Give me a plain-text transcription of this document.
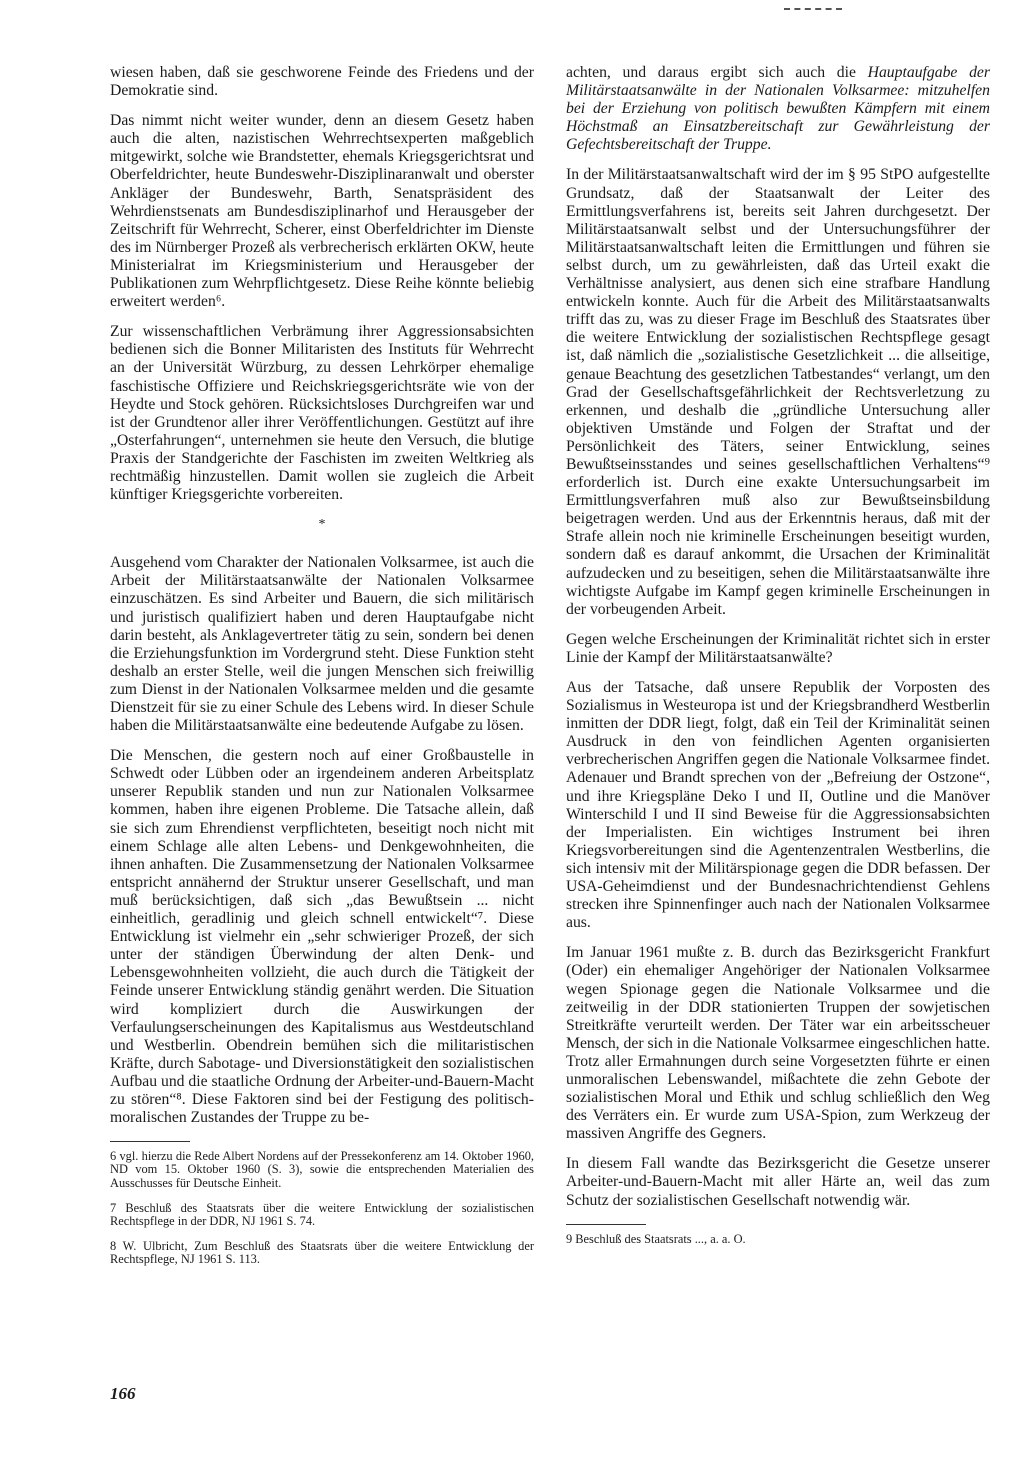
wiesen haben, daß sie geschworene Feinde des Friedens und der Demokratie sind.

Das nimmt nicht weiter wunder, denn an diesem Gesetz haben auch die alten, nazistischen Wehrrechtsexperten maßgeblich mitgewirkt, solche wie Brandstetter, ehemals Kriegsgerichtsrat und Oberfeldrichter, heute Bundeswehr-Disziplinaranwalt und oberster Ankläger der Bundeswehr, Barth, Senatspräsident des Wehrdienstsenats am Bundesdisziplinarhof und Herausgeber der Zeitschrift für Wehrrecht, Scherer, einst Oberfeldrichter im Dienste des im Nürnberger Prozeß als verbrecherisch erklärten OKW, heute Ministerialrat im Kriegsministerium und Herausgeber der Publikationen zum Wehrpflichtgesetz. Diese Reihe könnte beliebig erweitert werden⁶.

Zur wissenschaftlichen Verbrämung ihrer Aggressionsabsichten bedienen sich die Bonner Militaristen des Instituts für Wehrrecht an der Universität Würzburg, zu dessen Lehrkörper ehemalige faschistische Offiziere und Reichskriegsgerichtsräte wie von der Heydte und Stock gehören. Rücksichtsloses Durchgreifen war und ist der Grundtenor aller ihrer Veröffentlichungen. Gestützt auf ihre „Osterfahrungen“, unternehmen sie heute den Versuch, die blutige Praxis der Standgerichte der Faschisten im zweiten Weltkrieg als rechtmäßig hinzustellen. Damit wollen sie zugleich die Arbeit künftiger Kriegsgerichte vorbereiten.

*

Ausgehend vom Charakter der Nationalen Volksarmee, ist auch die Arbeit der Militärstaatsanwälte der Nationalen Volksarmee einzuschätzen. Es sind Arbeiter und Bauern, die sich militärisch und juristisch qualifiziert haben und deren Hauptaufgabe nicht darin besteht, als Anklagevertreter tätig zu sein, sondern bei denen die Erziehungsfunktion im Vordergrund steht. Diese Funktion steht deshalb an erster Stelle, weil die jungen Menschen sich freiwillig zum Dienst in der Nationalen Volksarmee melden und die gesamte Dienstzeit für sie zu einer Schule des Lebens wird. In dieser Schule haben die Militärstaatsanwälte eine bedeutende Aufgabe zu lösen.

Die Menschen, die gestern noch auf einer Großbaustelle in Schwedt oder Lübben oder an irgendeinem anderen Arbeitsplatz unserer Republik standen und nun zur Nationalen Volksarmee kommen, haben ihre eigenen Probleme. Die Tatsache allein, daß sie sich zum Ehrendienst verpflichteten, beseitigt noch nicht mit einem Schlage alle alten Lebens- und Denkgewohnheiten, die ihnen anhaften. Die Zusammensetzung der Nationalen Volksarmee entspricht annähernd der Struktur unserer Gesellschaft, und man muß berücksichtigen, daß sich „das Bewußtsein ... nicht einheitlich, geradlinig und gleich schnell entwickelt“⁷. Diese Entwicklung ist vielmehr ein „sehr schwieriger Prozeß, der sich unter der ständigen Überwindung der alten Denk- und Lebensgewohnheiten vollzieht, die auch durch die Tätigkeit der Feinde unserer Entwicklung ständig genährt werden. Die Situation wird kompliziert durch die Auswirkungen der Verfaulungserscheinungen des Kapitalismus aus Westdeutschland und Westberlin. Obendrein bemühen sich die militaristischen Kräfte, durch Sabotage- und Diversionstätigkeit den sozialistischen Aufbau und die staatliche Ordnung der Arbeiter-und-Bauern-Macht zu stören“⁸. Diese Faktoren sind bei der Festigung des politisch-moralischen Zustandes der Truppe zu be-

6 vgl. hierzu die Rede Albert Nordens auf der Pressekonferenz am 14. Oktober 1960, ND vom 15. Oktober 1960 (S. 3), sowie die entsprechenden Materialien des Ausschusses für Deutsche Einheit.

7 Beschluß des Staatsrats über die weitere Entwicklung der sozialistischen Rechtspflege in der DDR, NJ 1961 S. 74.

8 W. Ulbricht, Zum Beschluß des Staatsrats über die weitere Entwicklung der Rechtspflege, NJ 1961 S. 113.

achten, und daraus ergibt sich auch die Hauptaufgabe der Militärstaatsanwälte in der Nationalen Volksarmee: mitzuhelfen bei der Erziehung von politisch bewußten Kämpfern mit einem Höchstmaß an Einsatzbereitschaft zur Gewährleistung der Gefechtsbereitschaft der Truppe.

In der Militärstaatsanwaltschaft wird der im § 95 StPO aufgestellte Grundsatz, daß der Staatsanwalt der Leiter des Ermittlungsverfahrens ist, bereits seit Jahren durchgesetzt. Der Militärstaatsanwalt selbst und der Untersuchungsführer der Militärstaatsanwaltschaft leiten die Ermittlungen und führen sie selbst durch, um zu gewährleisten, daß das Urteil exakt die Verhältnisse analysiert, aus denen sich eine strafbare Handlung entwickeln konnte. Auch für die Arbeit des Militärstaatsanwalts trifft das zu, was zu dieser Frage im Beschluß des Staatsrates über die weitere Entwicklung der sozialistischen Rechtspflege gesagt ist, daß nämlich die „sozialistische Gesetzlichkeit ... die allseitige, genaue Beachtung des gesetzlichen Tatbestandes“ verlangt, um den Grad der Gesellschaftsgefährlichkeit der Rechtsverletzung zu erkennen, und deshalb die „gründliche Untersuchung aller objektiven Umstände und Folgen der Straftat und der Persönlichkeit des Täters, seiner Entwicklung, seines Bewußtseinsstandes und seines gesellschaftlichen Verhaltens“⁹ erforderlich ist. Durch eine exakte Untersuchungsarbeit im Ermittlungsverfahren muß also zur Bewußtseinsbildung beigetragen werden. Und aus der Erkenntnis heraus, daß mit der Strafe allein noch nie kriminelle Erscheinungen beseitigt wurden, sondern daß es darauf ankommt, die Ursachen der Kriminalität aufzudecken und zu beseitigen, sehen die Militärstaatsanwälte ihre wichtigste Aufgabe im Kampf gegen kriminelle Erscheinungen in der vorbeugenden Arbeit.

Gegen welche Erscheinungen der Kriminalität richtet sich in erster Linie der Kampf der Militärstaatsanwälte?

Aus der Tatsache, daß unsere Republik der Vorposten des Sozialismus in Westeuropa ist und der Kriegsbrandherd Westberlin inmitten der DDR liegt, folgt, daß ein Teil der Kriminalität seinen Ausdruck in den von feindlichen Agenten organisierten verbrecherischen Angriffen gegen die Nationale Volksarmee findet. Adenauer und Brandt sprechen von der „Befreiung der Ostzone“, und ihre Kriegspläne Deko I und II, Outline und die Manöver Winterschild I und II sind Beweise für die Aggressionsabsichten der Imperialisten. Ein wichtiges Instrument bei ihren Kriegsvorbereitungen sind die Agentenzentralen Westberlins, die sich intensiv mit der Militärspionage gegen die DDR befassen. Der USA-Geheimdienst und der Bundesnachrichtendienst Gehlens strecken ihre Spinnenfinger auch nach der Nationalen Volksarmee aus.

Im Januar 1961 mußte z. B. durch das Bezirksgericht Frankfurt (Oder) ein ehemaliger Angehöriger der Nationalen Volksarmee wegen Spionage gegen die Nationale Volksarmee und die zeitweilig in der DDR stationierten Truppen der sowjetischen Streitkräfte verurteilt werden. Der Täter war ein arbeitsscheuer Mensch, der sich in die Nationale Volksarmee eingeschlichen hatte. Trotz aller Ermahnungen durch seine Vorgesetzten führte er einen unmoralischen Lebenswandel, mißachtete die zehn Gebote der sozialistischen Moral und Ethik und schlug schließlich den Weg des Verräters ein. Er wurde zum USA-Spion, zum Werkzeug der massiven Angriffe des Gegners.

In diesem Fall wandte das Bezirksgericht die Gesetze unserer Arbeiter-und-Bauern-Macht mit aller Härte an, weil das zum Schutz der sozialistischen Gesellschaft notwendig wär.

9 Beschluß des Staatsrats ..., a. a. O.

166
